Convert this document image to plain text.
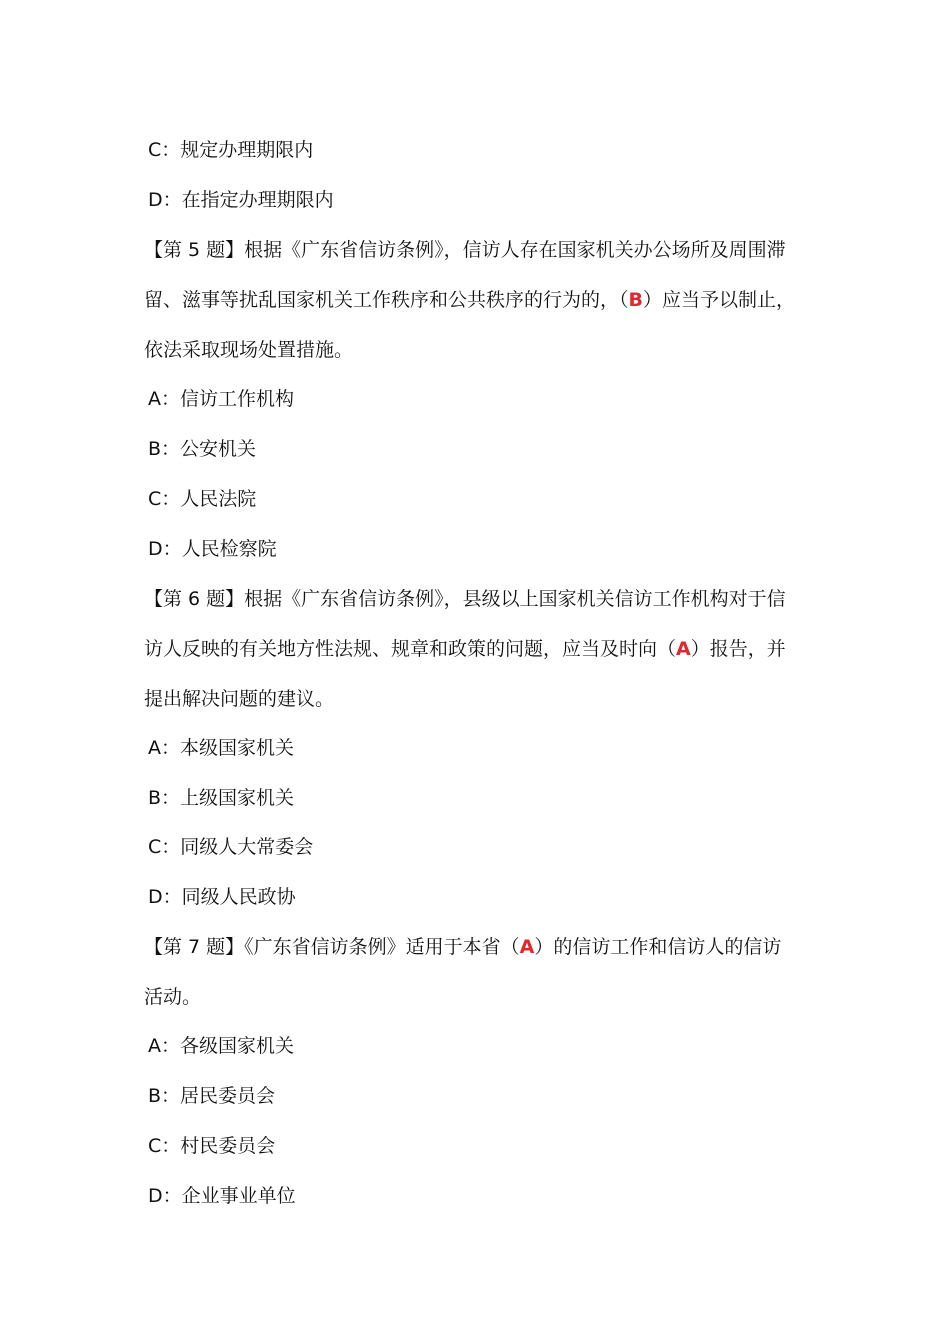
C：规定办理期限内
D：在指定办理期限内
【第 5 题】根据《广东省信访条例》，信访人存在国家机关办公场所及周围滞
留、滋事等扰乱国家机关工作秩序和公共秩序的行为的，（B）应当予以制止，
依法采取现场处置措施。
A：信访工作机构
B：公安机关
C：人民法院
D：人民检察院
【第 6 题】根据《广东省信访条例》，县级以上国家机关信访工作机构对于信
访人反映的有关地方性法规、规章和政策的问题，应当及时向（A）报告，并
提出解决问题的建议。
A：本级国家机关
B：上级国家机关
C：同级人大常委会
D：同级人民政协
【第 7 题】《广东省信访条例》适用于本省（A）的信访工作和信访人的信访
活动。
A：各级国家机关
B：居民委员会
C：村民委员会
D：企业事业单位
